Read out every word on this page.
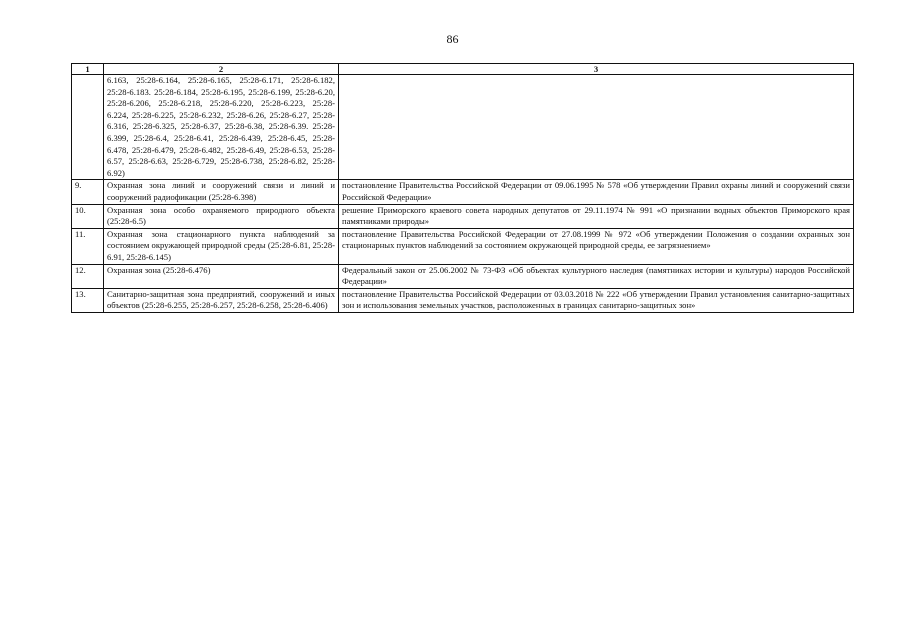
86
1	2	3
	6.163, 25:28-6.164, 25:28-6.165, 25:28-6.171, 25:28-6.182, 25:28-6.183. 25:28-6.184, 25:28-6.195, 25:28-6.199, 25:28-6.20, 25:28-6.206, 25:28-6.218, 25:28-6.220, 25:28-6.223, 25:28-6.224, 25:28-6.225, 25:28-6.232, 25:28-6.26, 25:28-6.27, 25:28-6.316, 25:28-6.325, 25:28-6.37, 25:28-6.38, 25:28-6.39. 25:28-6.399, 25:28-6.4, 25:28-6.41, 25:28-6.439, 25:28-6.45, 25:28-6.478, 25:28-6.479, 25:28-6.482, 25:28-6.49, 25:28-6.53, 25:28-6.57, 25:28-6.63, 25:28-6.729, 25:28-6.738, 25:28-6.82, 25:28-6.92)	
9.	Охранная зона линий и сооружений связи и линий и сооружений радиофикации (25:28-6.398)	постановление Правительства Российской Федерации от 09.06.1995 № 578 «Об утверждении Правил охраны линий и сооружений связи Российской Федерации»
10.	Охранная зона особо охраняемого природного объекта (25:28-6.5)	решение Приморского краевого совета народных депутатов от 29.11.1974 № 991 «О признании водных объектов Приморского края памятниками природы»
11.	Охранная зона стационарного пункта наблюдений за состоянием окружающей природной среды (25:28-6.81, 25:28-6.91, 25:28-6.145)	постановление Правительства Российской Федерации от 27.08.1999 № 972 «Об утверждении Положения о создании охранных зон стационарных пунктов наблюдений за состоянием окружающей природной среды, ее загрязнением»
12.	Охранная зона (25:28-6.476)	Федеральный закон от 25.06.2002 № 73-ФЗ «Об объектах культурного наследия (памятниках истории и культуры) народов Российской Федерации»
13.	Санитарно-защитная зона предприятий, сооружений и иных объектов (25:28-6.255, 25:28-6.257, 25:28-6.258, 25:28-6.406)	постановление Правительства Российской Федерации от 03.03.2018 № 222 «Об утверждении Правил установления санитарно-защитных зон и использования земельных участков, расположенных в границах санитарно-защитных зон»
